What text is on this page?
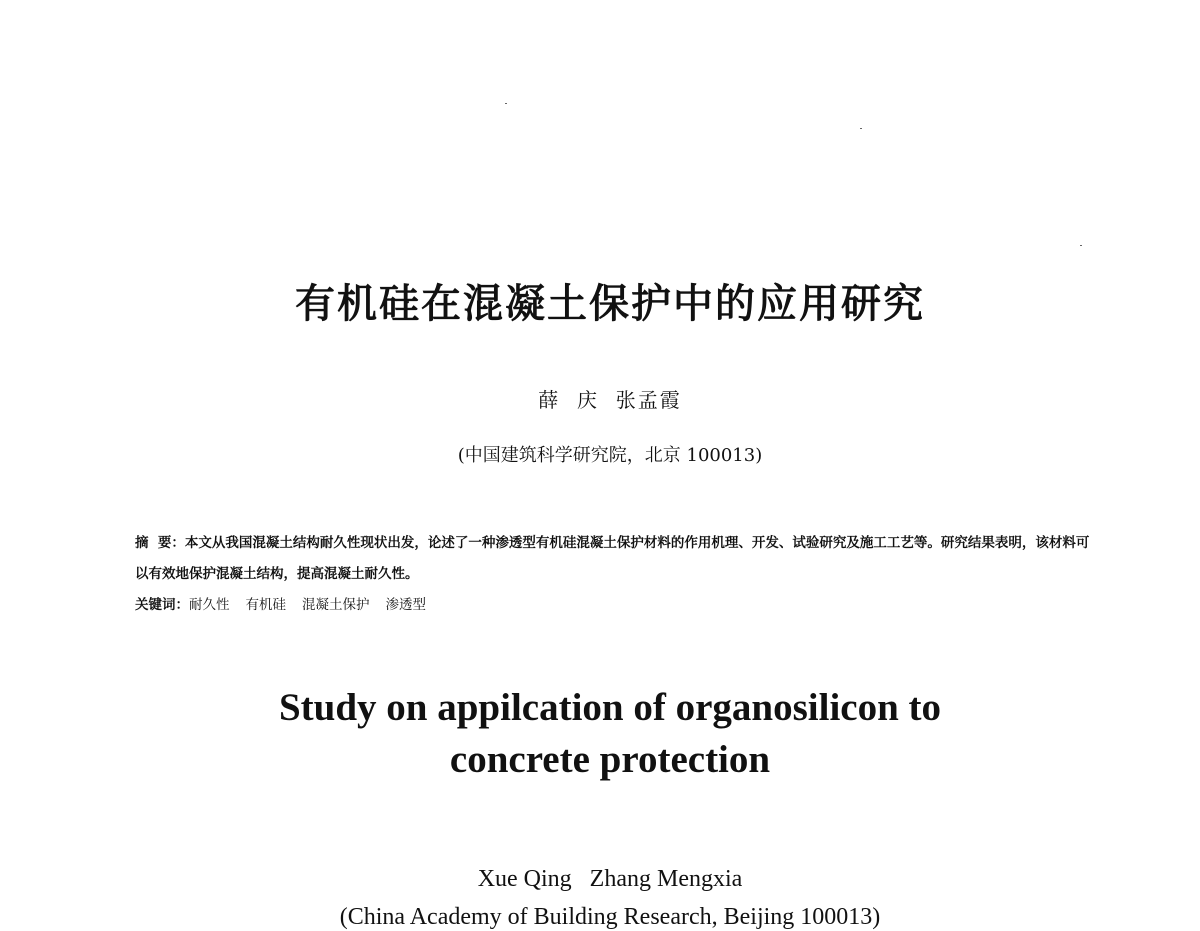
有机硅在混凝土保护中的应用研究
薛  庆  张孟霞
(中国建筑科学研究院，北京 100013)
摘  要：本文从我国混凝土结构耐久性现状出发，论述了一种渗透型有机硅混凝土保护材料的作用机理、开发、试验研究及施工工艺等。研究结果表明，该材料可以有效地保护混凝土结构，提高混凝土耐久性。
关键词：耐久性 有机硅 混凝土保护 渗透型
Study on appilcation of organosilicon to
concrete protection
Xue Qing   Zhang Mengxia
(China Academy of Building Research, Beijing 100013)
